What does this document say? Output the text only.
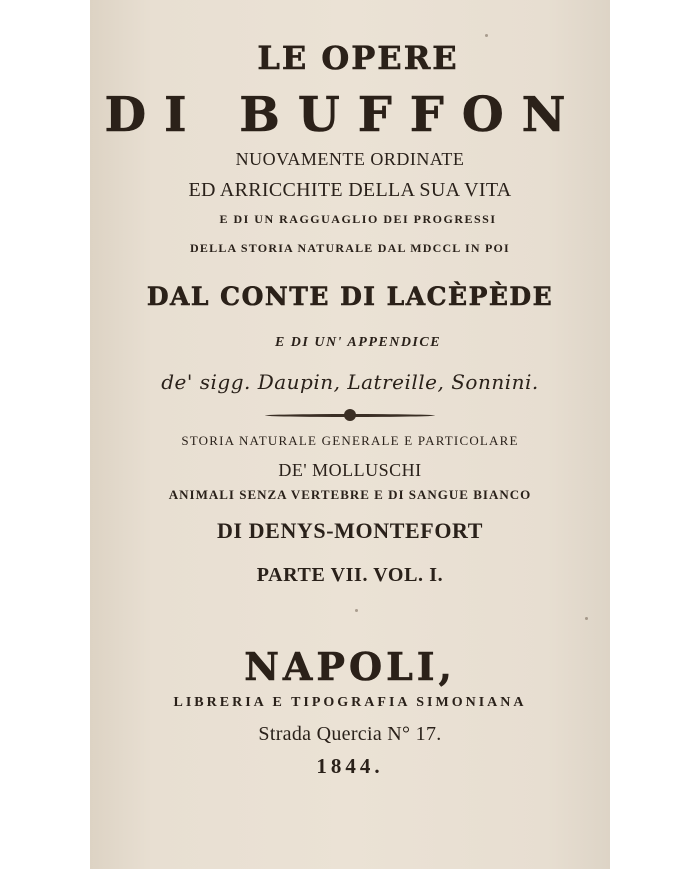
LE OPERE
DI BUFFON
NUOVAMENTE ORDINATE
ED ARRICCHITE DELLA SUA VITA
E DI UN RAGGUAGLIO DEI PROGRESSI
DELLA STORIA NATURALE DAL MDCCL IN POI
DAL CONTE DI LACÈPÈDE
E DI UN' APPENDICE
de' sigg. Daupin, Latreille, Sonnini.
STORIA NATURALE GENERALE E PARTICOLARE
DE' MOLLUSCHI
ANIMALI SENZA VERTEBRE E DI SANGUE BIANCO
DI DENYS-MONTEFORT
PARTE VII. VOL. I.
NAPOLI,
LIBRERIA E TIPOGRAFIA SIMONIANA
Strada Quercia N° 17.
1844.
